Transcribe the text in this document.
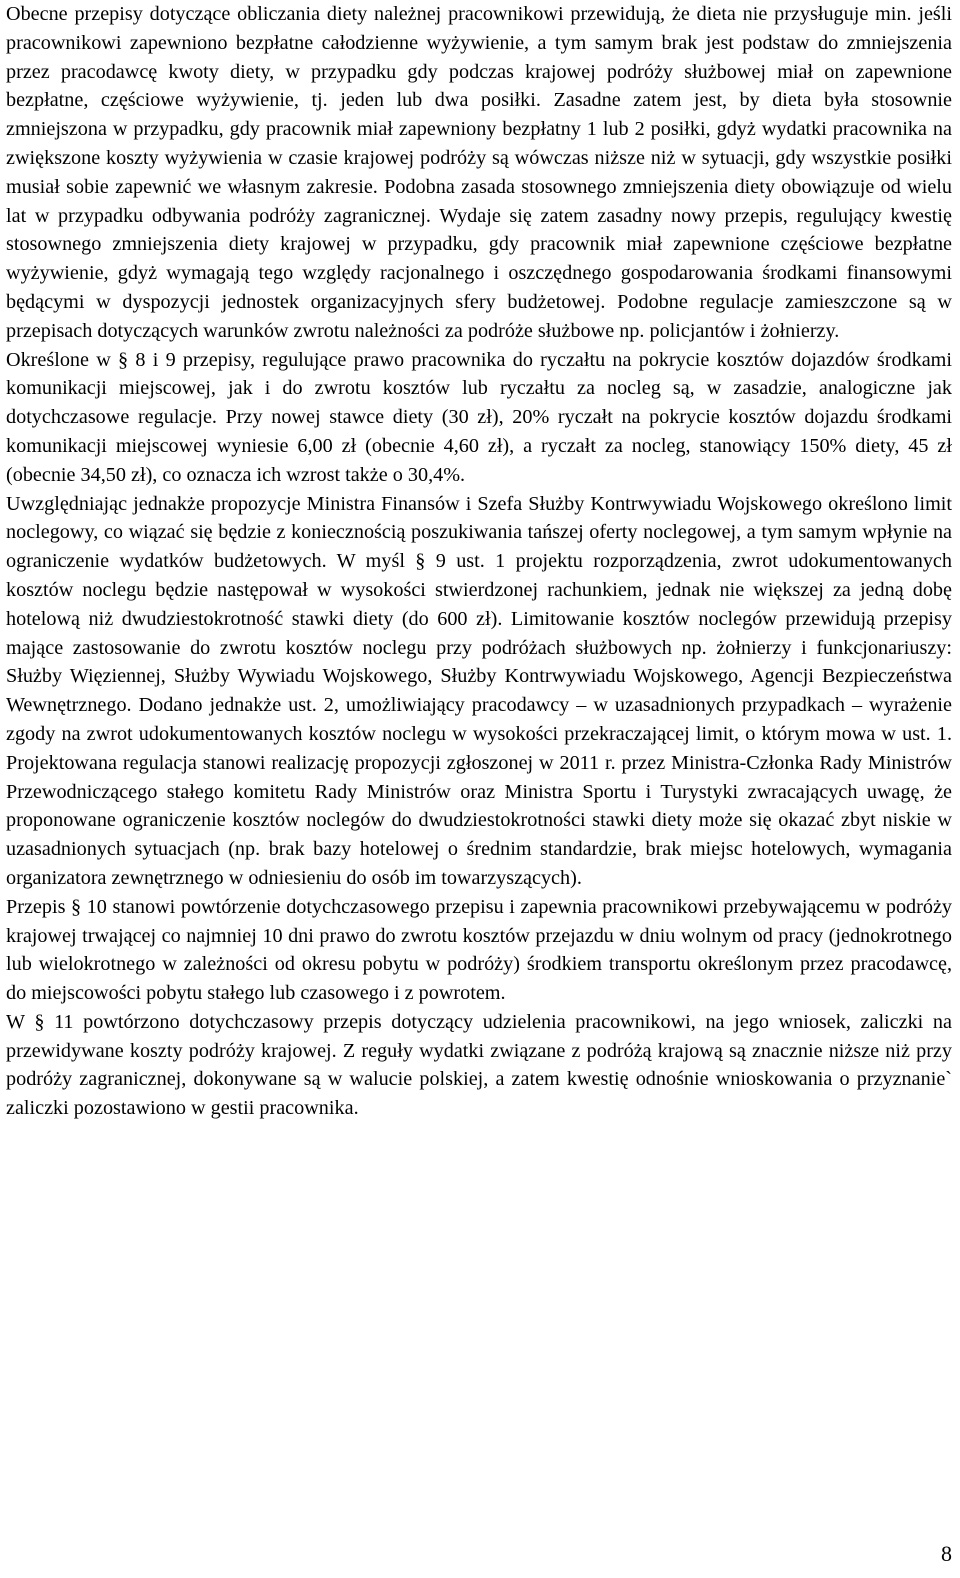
Obecne przepisy dotyczące obliczania diety należnej pracownikowi przewidują, że dieta nie przysługuje min. jeśli pracownikowi zapewniono bezpłatne całodzienne wyżywienie, a tym samym brak jest podstaw do zmniejszenia przez pracodawcę kwoty diety, w przypadku gdy podczas krajowej podróży służbowej miał on zapewnione bezpłatne, częściowe wyżywienie, tj. jeden lub dwa posiłki. Zasadne zatem jest, by dieta była stosownie zmniejszona w przypadku, gdy pracownik miał zapewniony bezpłatny 1 lub 2 posiłki, gdyż wydatki pracownika na zwiększone koszty wyżywienia w czasie krajowej podróży są wówczas niższe niż w sytuacji, gdy wszystkie posiłki musiał sobie zapewnić we własnym zakresie. Podobna zasada stosownego zmniejszenia diety obowiązuje od wielu lat w przypadku odbywania podróży zagranicznej. Wydaje się zatem zasadny nowy przepis, regulujący kwestię stosownego zmniejszenia diety krajowej w przypadku, gdy pracownik miał zapewnione częściowe bezpłatne wyżywienie, gdyż wymagają tego względy racjonalnego i oszczędnego gospodarowania środkami finansowymi będącymi w dyspozycji jednostek organizacyjnych sfery budżetowej. Podobne regulacje zamieszczone są w przepisach dotyczących warunków zwrotu należności za podróże służbowe np. policjantów i żołnierzy.

Określone w § 8 i 9 przepisy, regulujące prawo pracownika do ryczałtu na pokrycie kosztów dojazdów środkami komunikacji miejscowej, jak i do zwrotu kosztów lub ryczałtu za nocleg są, w zasadzie, analogiczne jak dotychczasowe regulacje. Przy nowej stawce diety (30 zł), 20% ryczałt na pokrycie kosztów dojazdu środkami komunikacji miejscowej wyniesie 6,00 zł (obecnie 4,60 zł), a ryczałt za nocleg, stanowiący 150% diety, 45 zł (obecnie 34,50 zł), co oznacza ich wzrost także o 30,4%.

Uwzględniając jednakże propozycje Ministra Finansów i Szefa Służby Kontrwywiadu Wojskowego określono limit noclegowy, co wiązać się będzie z koniecznością poszukiwania tańszej oferty noclegowej, a tym samym wpłynie na ograniczenie wydatków budżetowych. W myśl § 9 ust. 1 projektu rozporządzenia, zwrot udokumentowanych kosztów noclegu będzie następował w wysokości stwierdzonej rachunkiem, jednak nie większej za jedną dobę hotelową niż dwudziestokrotność stawki diety (do 600 zł). Limitowanie kosztów noclegów przewidują przepisy mające zastosowanie do zwrotu kosztów noclegu przy podróżach służbowych np. żołnierzy i funkcjonariuszy: Służby Więziennej, Służby Wywiadu Wojskowego, Służby Kontrwywiadu Wojskowego, Agencji Bezpieczeństwa Wewnętrznego. Dodano jednakże ust. 2, umożliwiający pracodawcy – w uzasadnionych przypadkach – wyrażenie zgody na zwrot udokumentowanych kosztów noclegu w wysokości przekraczającej limit, o którym mowa w ust. 1. Projektowana regulacja stanowi realizację propozycji zgłoszonej w 2011 r. przez Ministra-Członka Rady Ministrów Przewodniczącego stałego komitetu Rady Ministrów oraz Ministra Sportu i Turystyki zwracających uwagę, że proponowane ograniczenie kosztów noclegów do dwudziestokrotności stawki diety może się okazać zbyt niskie w uzasadnionych sytuacjach (np. brak bazy hotelowej o średnim standardzie, brak miejsc hotelowych, wymagania organizatora zewnętrznego w odniesieniu do osób im towarzyszących).

Przepis § 10 stanowi powtórzenie dotychczasowego przepisu i zapewnia pracownikowi przebywającemu w podróży krajowej trwającej co najmniej 10 dni prawo do zwrotu kosztów przejazdu w dniu wolnym od pracy (jednokrotnego lub wielokrotnego w zależności od okresu pobytu w podróży) środkiem transportu określonym przez pracodawcę, do miejscowości pobytu stałego lub czasowego i z powrotem.

W § 11 powtórzono dotychczasowy przepis dotyczący udzielenia pracownikowi, na jego wniosek, zaliczki na przewidywane koszty podróży krajowej. Z reguły wydatki związane z podróżą krajową są znacznie niższe niż przy podróży zagranicznej, dokonywane są w walucie polskiej, a zatem kwestię odnośnie wnioskowania o przyznanie` zaliczki pozostawiono w gestii pracownika.

8
